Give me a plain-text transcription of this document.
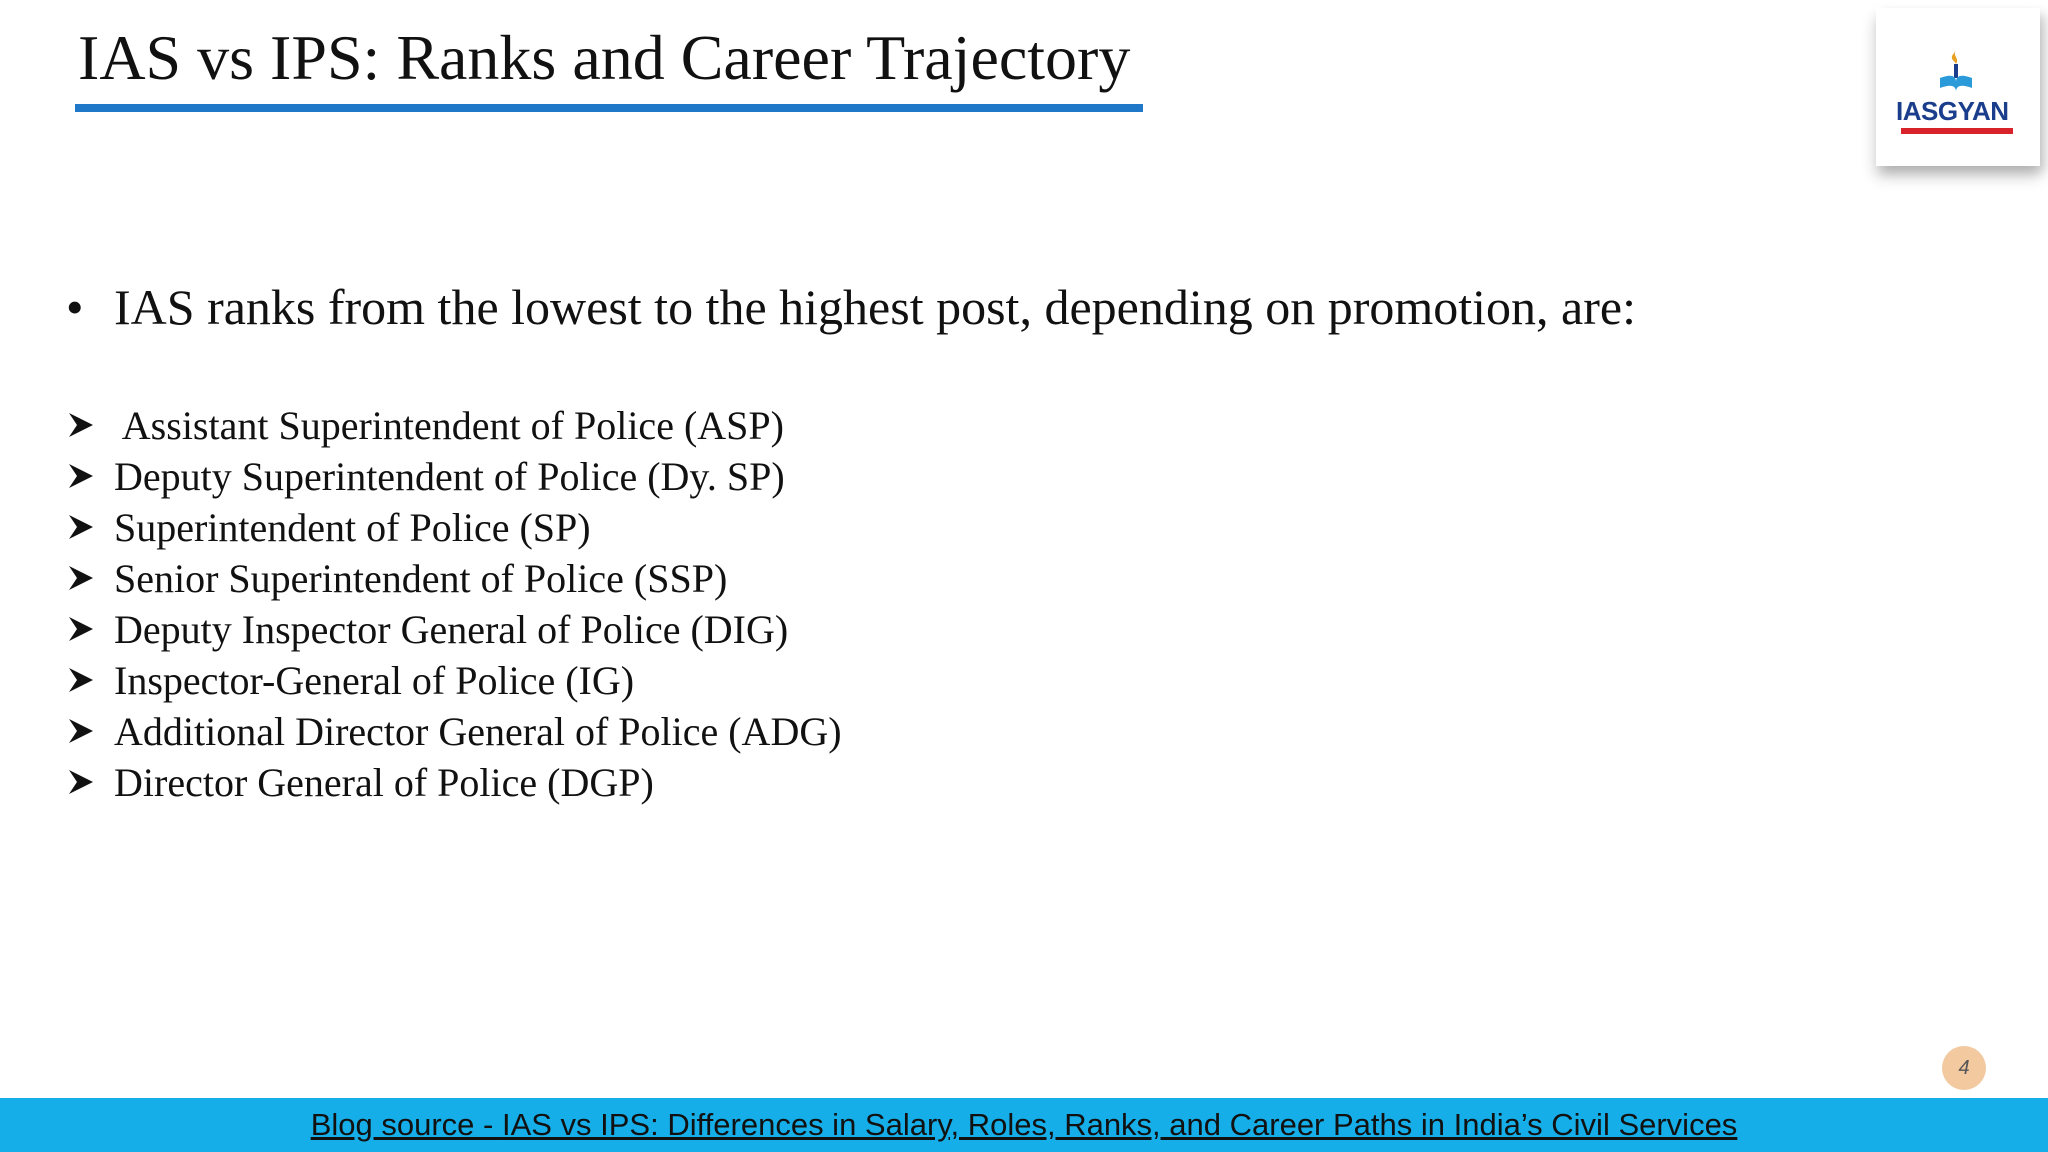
IAS vs IPS: Ranks and Career Trajectory
IASGYAN
• IAS ranks from the lowest to the highest post, depending on promotion, are:
Assistant Superintendent of Police (ASP)
Deputy Superintendent of Police (Dy. SP)
Superintendent of Police (SP)
Senior Superintendent of Police (SSP)
Deputy Inspector General of Police (DIG)
Inspector-General of Police (IG)
Additional Director General of Police (ADG)
Director General of Police (DGP)
4
Blog source - IAS vs IPS: Differences in Salary, Roles, Ranks, and Career Paths in India’s Civil Services
